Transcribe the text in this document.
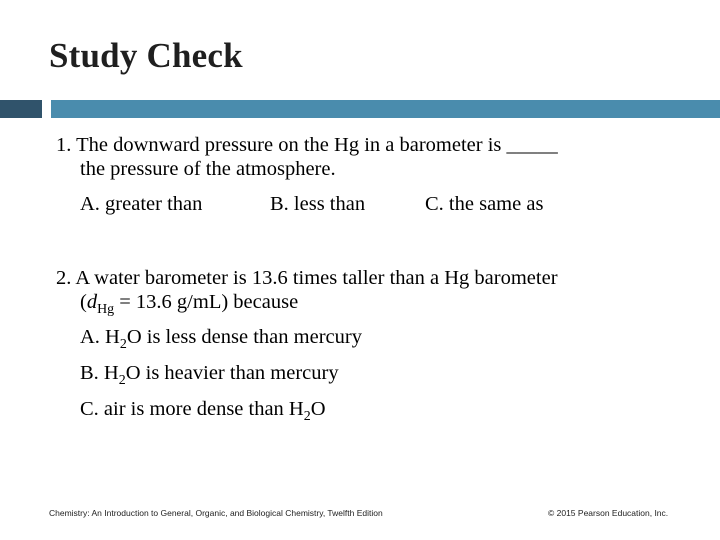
Study Check
1. The downward pressure on the Hg in a barometer is _____
the pressure of the atmosphere.
A. greater than	B. less than	C. the same as
2. A water barometer is 13.6 times taller than a Hg barometer
($d_{Hg} = 13.6$ g/mL) because
A. $H_2O$ is less dense than mercury
B. $H_2O$ is heavier than mercury
C. air is more dense than $H_2O$
Chemistry: An Introduction to General, Organic, and Biological Chemistry, Twelfth Edition	© 2015 Pearson Education, Inc.
